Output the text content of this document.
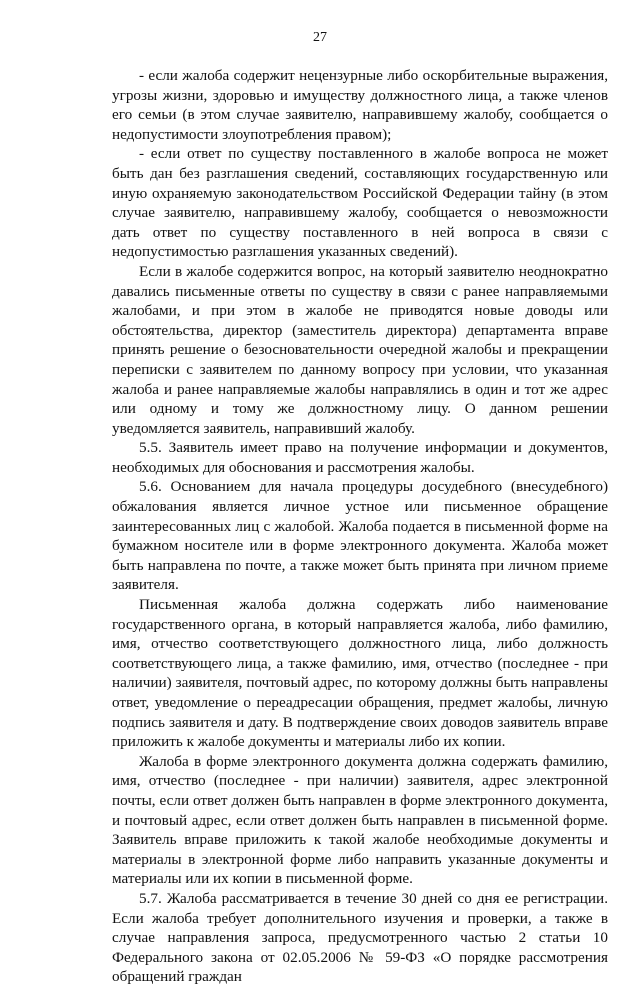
27

- если жалоба содержит нецензурные либо оскорбительные выражения, угрозы жизни, здоровью и имуществу должностного лица, а также членов его семьи (в этом случае заявителю, направившему жалобу, сообщается о недопустимости злоупотребления правом);

- если ответ по существу поставленного в жалобе вопроса не может быть дан без разглашения сведений, составляющих государственную или иную охраняемую законодательством Российской Федерации тайну (в этом случае заявителю, направившему жалобу, сообщается о невозможности дать ответ по существу поставленного в ней вопроса в связи с недопустимостью разглашения указанных сведений).

Если в жалобе содержится вопрос, на который заявителю неоднократно давались письменные ответы по существу в связи с ранее направляемыми жалобами, и при этом в жалобе не приводятся новые доводы или обстоятельства, директор (заместитель директора) департамента вправе принять решение о безосновательности очередной жалобы и прекращении переписки с заявителем по данному вопросу при условии, что указанная жалоба и ранее направляемые жалобы направлялись в один и тот же адрес или одному и тому же должностному лицу. О данном решении уведомляется заявитель, направивший жалобу.

5.5. Заявитель имеет право на получение информации и документов, необходимых для обоснования и рассмотрения жалобы.

5.6. Основанием для начала процедуры досудебного (внесудебного) обжалования является личное устное или письменное обращение заинтересованных лиц с жалобой. Жалоба подается в письменной форме на бумажном носителе или в форме электронного документа. Жалоба может быть направлена по почте, а также может быть принята при личном приеме заявителя.

Письменная жалоба должна содержать либо наименование государственного органа, в который направляется жалоба, либо фамилию, имя, отчество соответствующего должностного лица, либо должность соответствующего лица, а также фамилию, имя, отчество (последнее - при наличии) заявителя, почтовый адрес, по которому должны быть направлены ответ, уведомление о переадресации обращения, предмет жалобы, личную подпись заявителя и дату. В подтверждение своих доводов заявитель вправе приложить к жалобе документы и материалы либо их копии.

Жалоба в форме электронного документа должна содержать фамилию, имя, отчество (последнее - при наличии) заявителя, адрес электронной почты, если ответ должен быть направлен в форме электронного документа, и почтовый адрес, если ответ должен быть направлен в письменной форме. Заявитель вправе приложить к такой жалобе необходимые документы и материалы в электронной форме либо направить указанные документы и материалы или их копии в письменной форме.

5.7. Жалоба рассматривается в течение 30 дней со дня ее регистрации. Если жалоба требует дополнительного изучения и проверки, а также в случае направления запроса, предусмотренного частью 2 статьи 10 Федерального закона от 02.05.2006 № 59-ФЗ «О порядке рассмотрения обращений граждан
